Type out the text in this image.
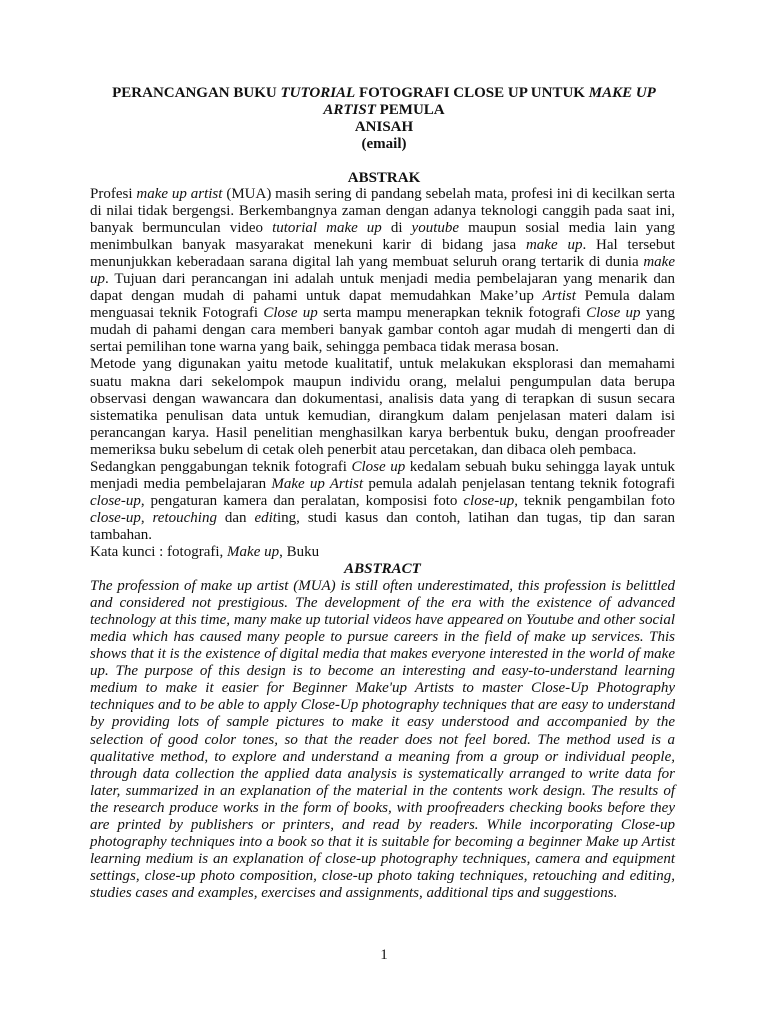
PERANCANGAN BUKU TUTORIAL FOTOGRAFI CLOSE UP UNTUK MAKE UP
ARTIST PEMULA
ANISAH
(email)
ABSTRAK

Profesi make up artist (MUA) masih sering di pandang sebelah mata, profesi ini di kecilkan serta di nilai tidak bergengsi. Berkembangnya zaman dengan adanya teknologi canggih pada saat ini, banyak bermunculan video tutorial make up di youtube maupun sosial media lain yang menimbulkan banyak masyarakat menekuni karir di bidang jasa make up. Hal tersebut menunjukkan keberadaan sarana digital lah yang membuat seluruh orang tertarik di dunia make up. Tujuan dari perancangan ini adalah untuk menjadi media pembelajaran yang menarik dan dapat dengan mudah di pahami untuk dapat memudahkan Make’up Artist Pemula dalam menguasai teknik Fotografi Close up serta mampu menerapkan teknik fotografi Close up yang mudah di pahami dengan cara memberi banyak gambar contoh agar mudah di mengerti dan di sertai pemilihan tone warna yang baik, sehingga pembaca tidak merasa bosan.

Metode yang digunakan yaitu metode kualitatif, untuk melakukan eksplorasi dan memahami suatu makna dari sekelompok maupun individu orang, melalui pengumpulan data berupa observasi dengan wawancara dan dokumentasi, analisis data yang di terapkan di susun secara sistematika penulisan data untuk kemudian, dirangkum dalam penjelasan materi dalam isi perancangan karya. Hasil penelitian menghasilkan karya berbentuk buku, dengan proofreader memeriksa buku sebelum di cetak oleh penerbit atau percetakan, dan dibaca oleh pembaca.

Sedangkan penggabungan teknik fotografi Close up kedalam sebuah buku sehingga layak untuk menjadi media pembelajaran Make up Artist pemula adalah penjelasan tentang teknik fotografi close-up, pengaturan kamera dan peralatan, komposisi foto close-up, teknik pengambilan foto close-up, retouching dan editing, studi kasus dan contoh, latihan dan tugas, tip dan saran tambahan.

Kata kunci : fotografi, Make up, Buku

ABSTRACT

The profession of make up artist (MUA) is still often underestimated, this profession is belittled and considered not prestigious. The development of the era with the existence of advanced technology at this time, many make up tutorial videos have appeared on Youtube and other social media which has caused many people to pursue careers in the field of make up services. This shows that it is the existence of digital media that makes everyone interested in the world of make up. The purpose of this design is to become an interesting and easy-to-understand learning medium to make it easier for Beginner Make'up Artists to master Close-Up Photography techniques and to be able to apply Close-Up photography techniques that are easy to understand by providing lots of sample pictures to make it easy understood and accompanied by the selection of good color tones, so that the reader does not feel bored. The method used is a qualitative method, to explore and understand a meaning from a group or individual people, through data collection the applied data analysis is systematically arranged to write data for later, summarized in an explanation of the material in the contents work design. The results of the research produce works in the form of books, with proofreaders checking books before they are printed by publishers or printers, and read by readers. While incorporating Close-up photography techniques into a book so that it is suitable for becoming a beginner Make up Artist learning medium is an explanation of close-up photography techniques, camera and equipment settings, close-up photo composition, close-up photo taking techniques, retouching and editing, studies cases and examples, exercises and assignments, additional tips and suggestions.

1
